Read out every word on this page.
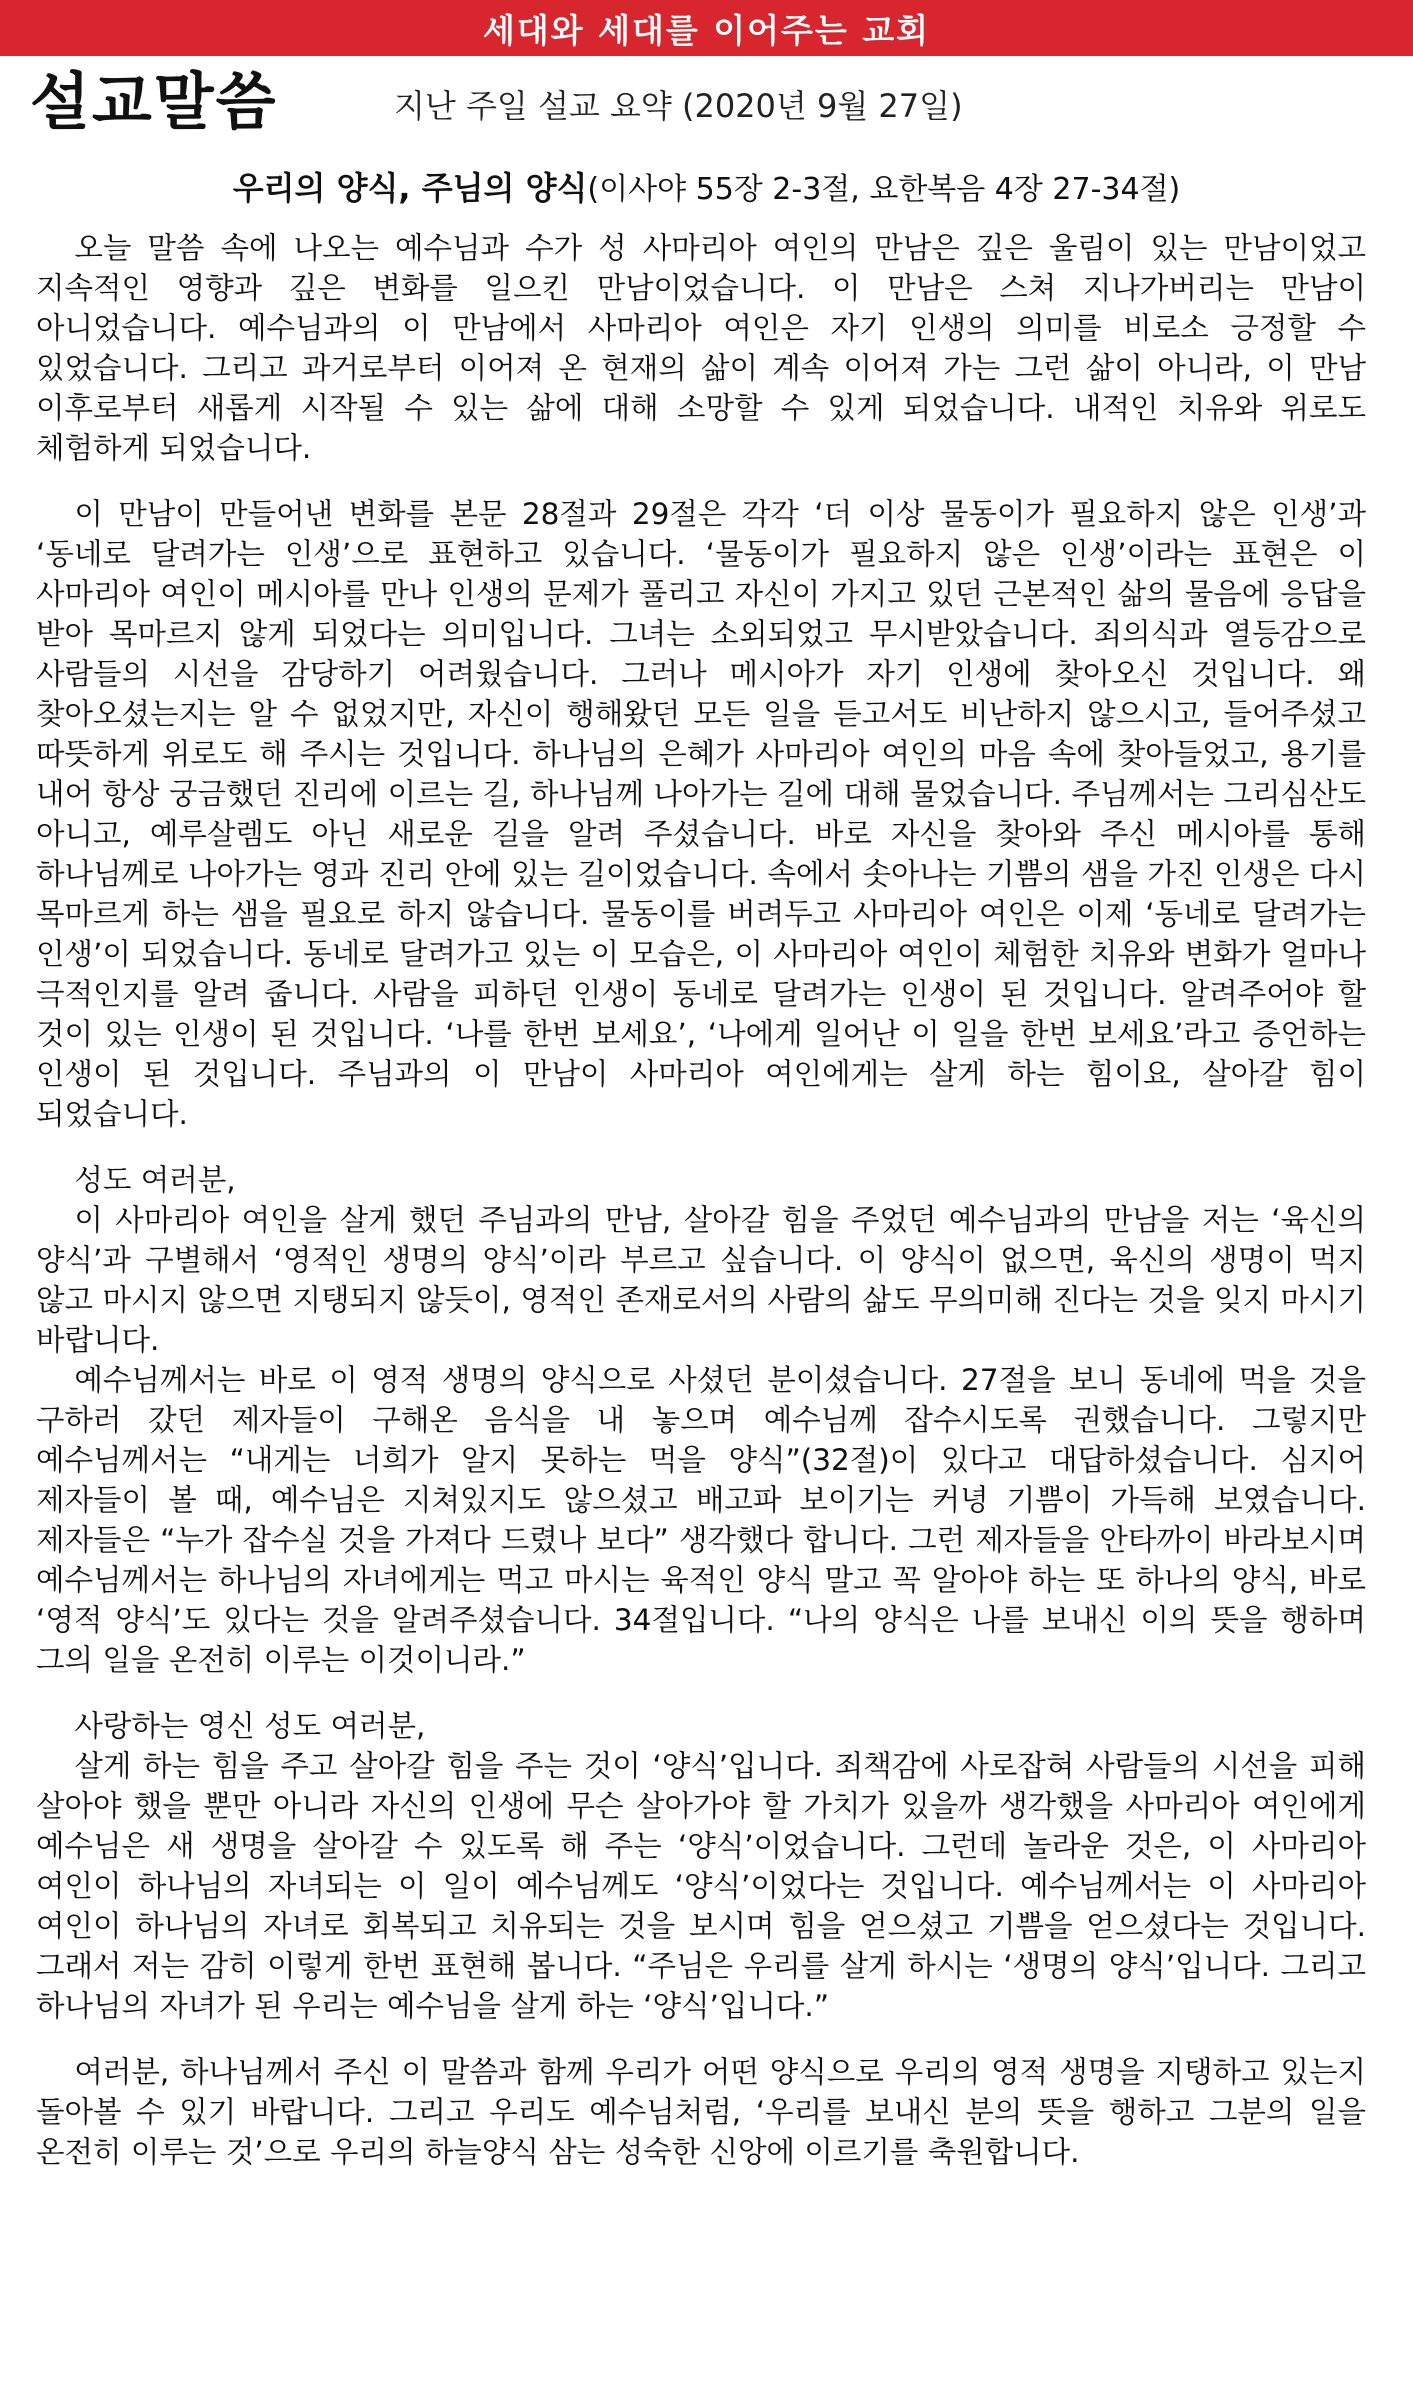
세대와 세대를 이어주는 교회
설교말씀	지난 주일 설교 요약 (2020년 9월 27일)
우리의 양식, 주님의 양식(이사야 55장 2-3절, 요한복음 4장 27-34절)

오늘 말씀 속에 나오는 예수님과 수가 성 사마리아 여인의 만남은 깊은 울림이 있는 만남이었고 지속적인 영향과 깊은 변화를 일으킨 만남이었습니다. 이 만남은 스쳐 지나가버리는 만남이 아니었습니다. 예수님과의 이 만남에서 사마리아 여인은 자기 인생의 의미를 비로소 긍정할 수 있었습니다. 그리고 과거로부터 이어져 온 현재의 삶이 계속 이어져 가는 그런 삶이 아니라, 이 만남 이후로부터 새롭게 시작될 수 있는 삶에 대해 소망할 수 있게 되었습니다. 내적인 치유와 위로도 체험하게 되었습니다.

이 만남이 만들어낸 변화를 본문 28절과 29절은 각각 ‘더 이상 물동이가 필요하지 않은 인생’과 ‘동네로 달려가는 인생’으로 표현하고 있습니다. ‘물동이가 필요하지 않은 인생’이라는 표현은 이 사마리아 여인이 메시아를 만나 인생의 문제가 풀리고 자신이 가지고 있던 근본적인 삶의 물음에 응답을 받아 목마르지 않게 되었다는 의미입니다. 그녀는 소외되었고 무시받았습니다. 죄의식과 열등감으로 사람들의 시선을 감당하기 어려웠습니다. 그러나 메시아가 자기 인생에 찾아오신 것입니다. 왜 찾아오셨는지는 알 수 없었지만, 자신이 행해왔던 모든 일을 듣고서도 비난하지 않으시고, 들어주셨고 따뜻하게 위로도 해 주시는 것입니다. 하나님의 은혜가 사마리아 여인의 마음 속에 찾아들었고, 용기를 내어 항상 궁금했던 진리에 이르는 길, 하나님께 나아가는 길에 대해 물었습니다. 주님께서는 그리심산도 아니고, 예루살렘도 아닌 새로운 길을 알려 주셨습니다. 바로 자신을 찾아와 주신 메시아를 통해 하나님께로 나아가는 영과 진리 안에 있는 길이었습니다. 속에서 솟아나는 기쁨의 샘을 가진 인생은 다시 목마르게 하는 샘을 필요로 하지 않습니다. 물동이를 버려두고 사마리아 여인은 이제 ‘동네로 달려가는 인생’이 되었습니다. 동네로 달려가고 있는 이 모습은, 이 사마리아 여인이 체험한 치유와 변화가 얼마나 극적인지를 알려 줍니다. 사람을 피하던 인생이 동네로 달려가는 인생이 된 것입니다. 알려주어야 할 것이 있는 인생이 된 것입니다. ‘나를 한번 보세요’, ‘나에게 일어난 이 일을 한번 보세요’라고 증언하는 인생이 된 것입니다. 주님과의 이 만남이 사마리아 여인에게는 살게 하는 힘이요, 살아갈 힘이 되었습니다.

성도 여러분,

이 사마리아 여인을 살게 했던 주님과의 만남, 살아갈 힘을 주었던 예수님과의 만남을 저는 ‘육신의 양식’과 구별해서 ‘영적인 생명의 양식’이라 부르고 싶습니다. 이 양식이 없으면, 육신의 생명이 먹지 않고 마시지 않으면 지탱되지 않듯이, 영적인 존재로서의 사람의 삶도 무의미해 진다는 것을 잊지 마시기 바랍니다.

예수님께서는 바로 이 영적 생명의 양식으로 사셨던 분이셨습니다. 27절을 보니 동네에 먹을 것을 구하러 갔던 제자들이 구해온 음식을 내 놓으며 예수님께 잡수시도록 권했습니다. 그렇지만 예수님께서는 “내게는 너희가 알지 못하는 먹을 양식”(32절)이 있다고 대답하셨습니다. 심지어 제자들이 볼 때, 예수님은 지쳐있지도 않으셨고 배고파 보이기는 커녕 기쁨이 가득해 보였습니다. 제자들은 “누가 잡수실 것을 가져다 드렸나 보다” 생각했다 합니다. 그런 제자들을 안타까이 바라보시며 예수님께서는 하나님의 자녀에게는 먹고 마시는 육적인 양식 말고 꼭 알아야 하는 또 하나의 양식, 바로 ‘영적 양식’도 있다는 것을 알려주셨습니다. 34절입니다. “나의 양식은 나를 보내신 이의 뜻을 행하며 그의 일을 온전히 이루는 이것이니라.”

사랑하는 영신 성도 여러분,

살게 하는 힘을 주고 살아갈 힘을 주는 것이 ‘양식’입니다. 죄책감에 사로잡혀 사람들의 시선을 피해 살아야 했을 뿐만 아니라 자신의 인생에 무슨 살아가야 할 가치가 있을까 생각했을 사마리아 여인에게 예수님은 새 생명을 살아갈 수 있도록 해 주는 ‘양식’이었습니다. 그런데 놀라운 것은, 이 사마리아 여인이 하나님의 자녀되는 이 일이 예수님께도 ‘양식’이었다는 것입니다. 예수님께서는 이 사마리아 여인이 하나님의 자녀로 회복되고 치유되는 것을 보시며 힘을 얻으셨고 기쁨을 얻으셨다는 것입니다. 그래서 저는 감히 이렇게 한번 표현해 봅니다. “주님은 우리를 살게 하시는 ‘생명의 양식’입니다. 그리고 하나님의 자녀가 된 우리는 예수님을 살게 하는 ‘양식’입니다.”

여러분, 하나님께서 주신 이 말씀과 함께 우리가 어떤 양식으로 우리의 영적 생명을 지탱하고 있는지 돌아볼 수 있기 바랍니다. 그리고 우리도 예수님처럼, ‘우리를 보내신 분의 뜻을 행하고 그분의 일을 온전히 이루는 것’으로 우리의 하늘양식 삼는 성숙한 신앙에 이르기를 축원합니다.
